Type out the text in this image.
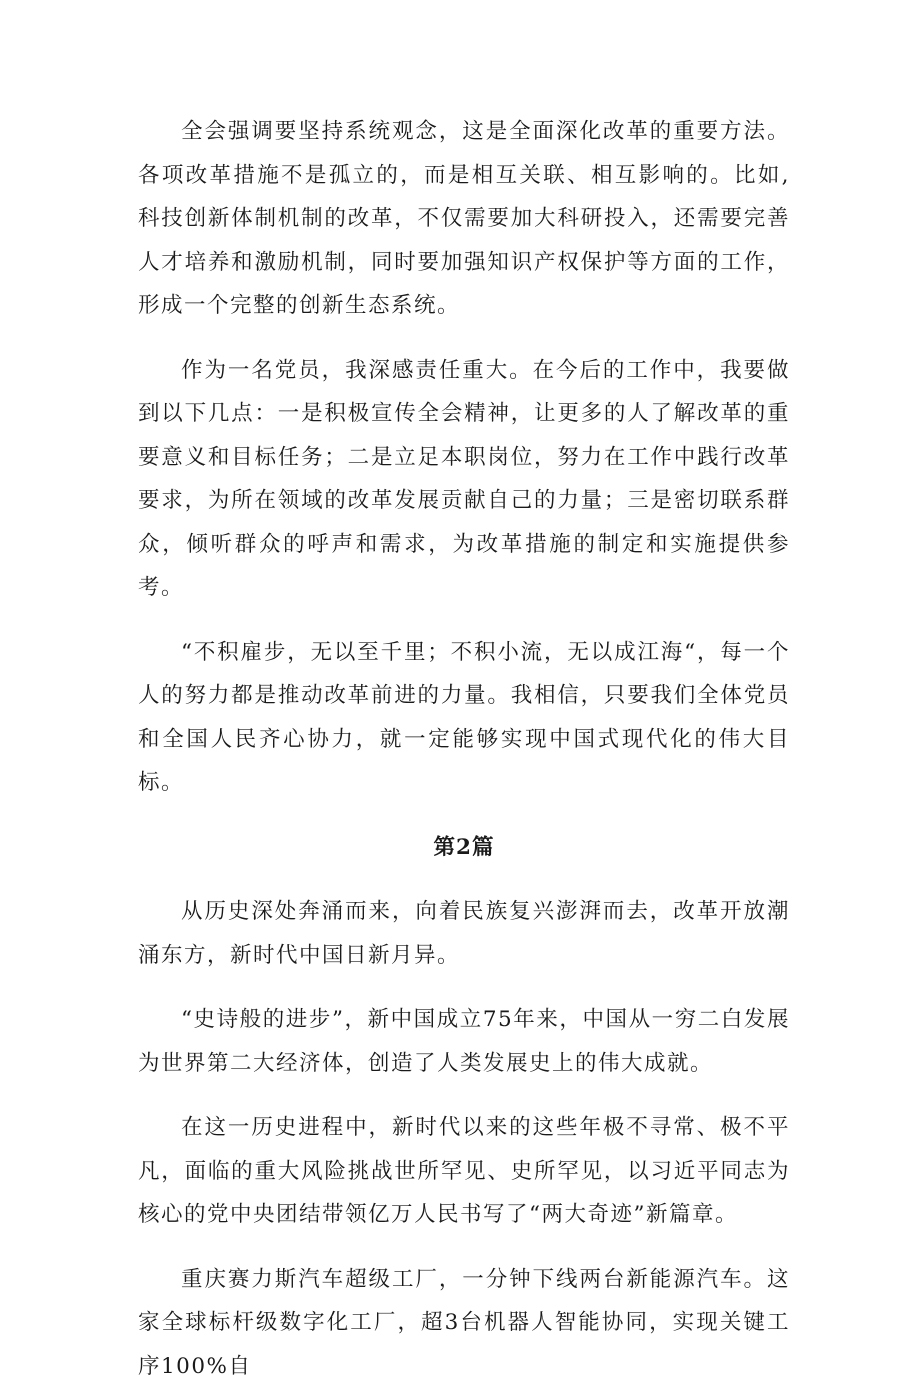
全会强调要坚持系统观念，这是全面深化改革的重要方法。各项改革措施不是孤立的，而是相互关联、相互影响的。比如,科技创新体制机制的改革，不仅需要加大科研投入，还需要完善人才培养和激励机制，同时要加强知识产权保护等方面的工作，形成一个完整的创新生态系统。

作为一名党员，我深感责任重大。在今后的工作中，我要做到以下几点：一是积极宣传全会精神，让更多的人了解改革的重要意义和目标任务；二是立足本职岗位，努力在工作中践行改革要求，为所在领域的改革发展贡献自己的力量；三是密切联系群众，倾听群众的呼声和需求，为改革措施的制定和实施提供参考。

“不积雇步，无以至千里；不积小流，无以成江海“，每一个人的努力都是推动改革前进的力量。我相信，只要我们全体党员和全国人民齐心协力，就一定能够实现中国式现代化的伟大目标。

第2篇

从历史深处奔涌而来，向着民族复兴澎湃而去，改革开放潮涌东方，新时代中国日新月异。

“史诗般的进步”，新中国成立75年来，中国从一穷二白发展为世界第二大经济体，创造了人类发展史上的伟大成就。

在这一历史进程中，新时代以来的这些年极不寻常、极不平凡，面临的重大风险挑战世所罕见、史所罕见，以习近平同志为核心的党中央团结带领亿万人民书写了“两大奇迹”新篇章。

重庆赛力斯汽车超级工厂，一分钟下线两台新能源汽车。这家全球标杆级数字化工厂，超3台机器人智能协同，实现关键工序100%自
